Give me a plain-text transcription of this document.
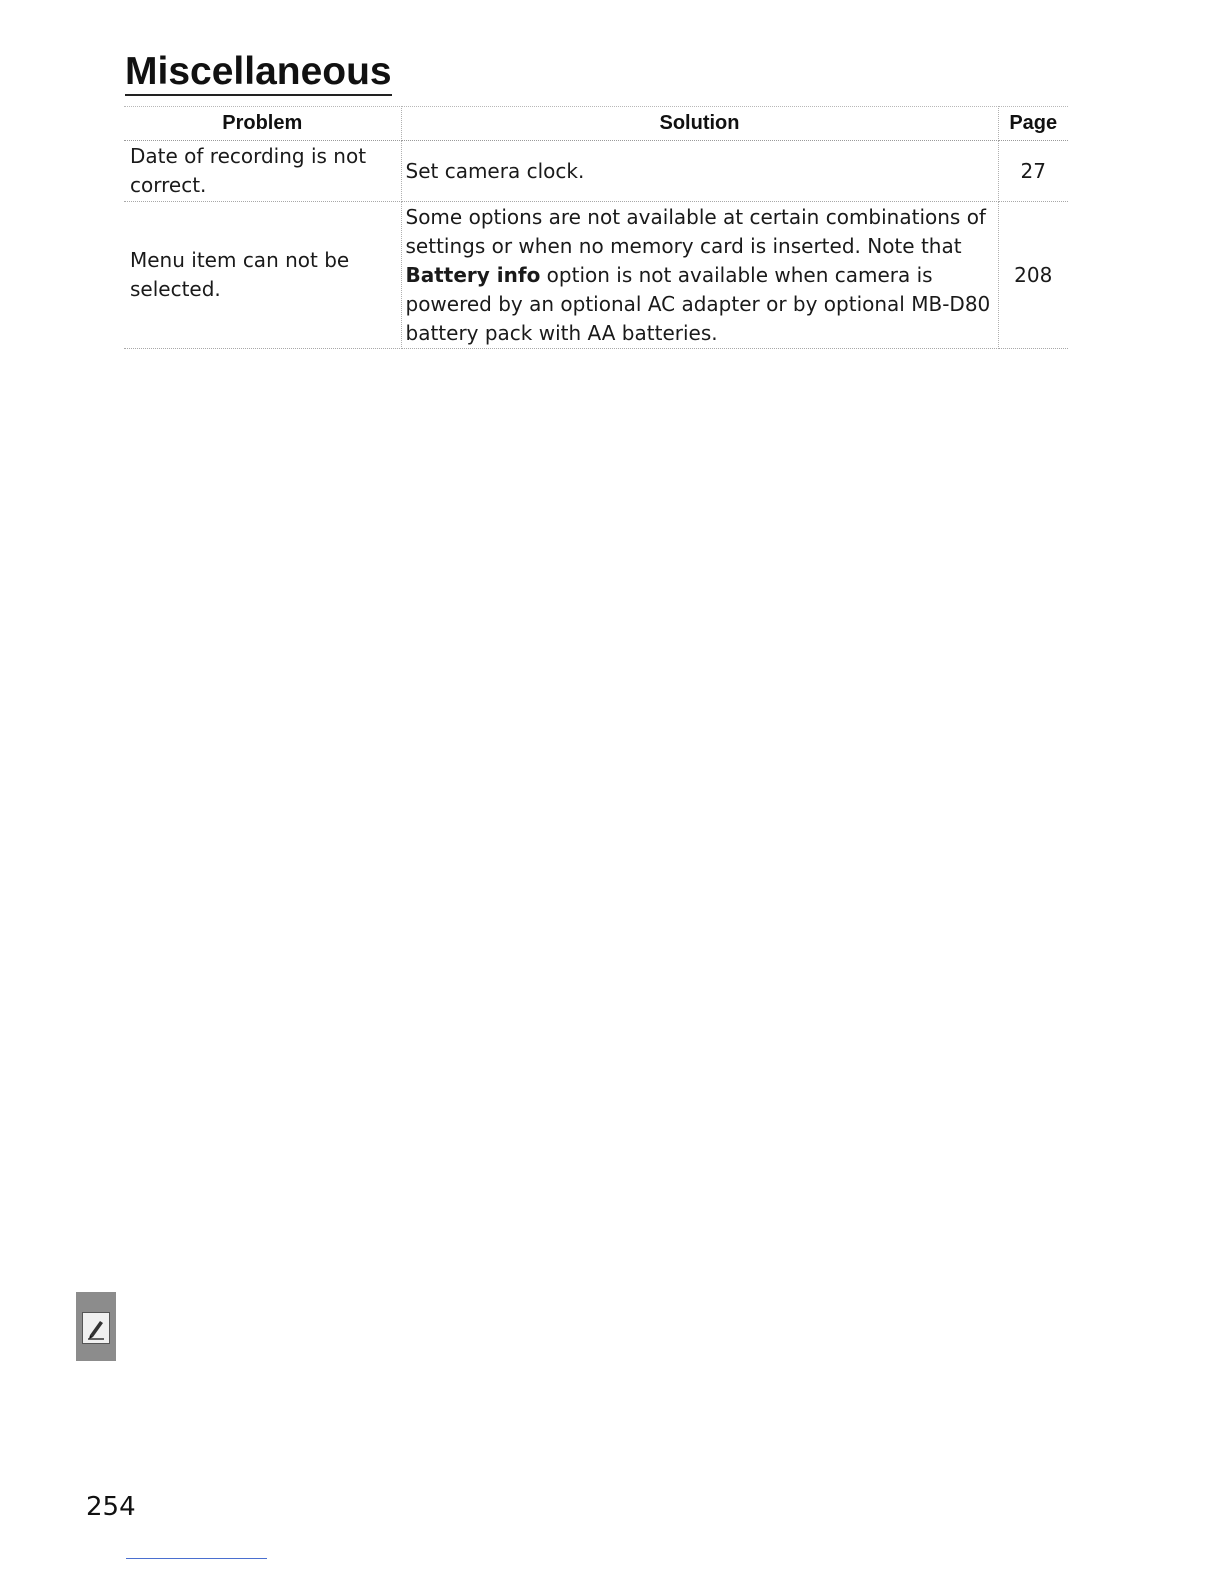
Miscellaneous
Problem	Solution	Page
Date of recording is not correct.	Set camera clock.	27
Menu item can not be selected.	Some options are not available at certain combinations of settings or when no memory card is inserted. Note that Battery info option is not available when camera is powered by an optional AC adapter or by optional MB-D80 battery pack with AA batteries.	208

254
